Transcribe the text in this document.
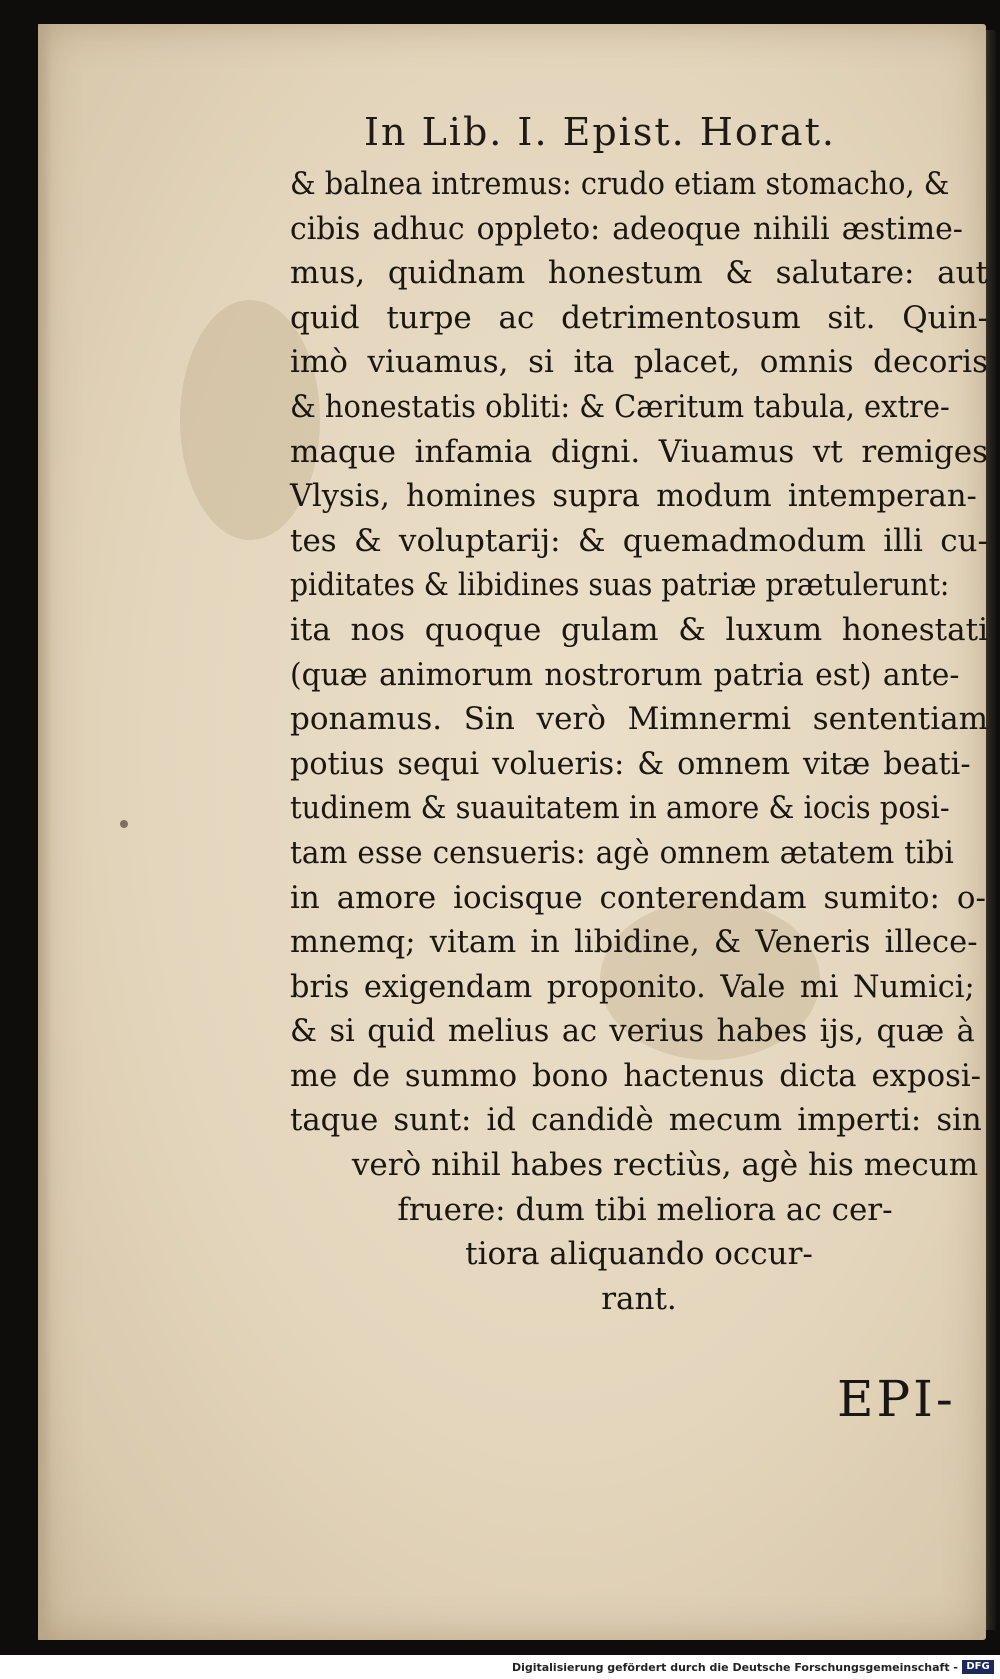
In Lib. I. Epist. Horat.
& balnea intremus: crudo etiam stomacho, &
cibis adhuc oppleto: adeoque nihili æstime-
mus, quidnam honestum & salutare: aut
quid turpe ac detrimentosum sit. Quin-
imò viuamus, si ita placet, omnis decoris
& honestatis obliti: & Cæritum tabula, extre-
maque infamia digni. Viuamus vt remiges
Vlysis, homines supra modum intemperan-
tes & voluptarij: & quemadmodum illi cu-
piditates & libidines suas patriæ prætulerunt:
ita nos quoque gulam & luxum honestati
(quæ animorum nostrorum patria est) ante-
ponamus. Sin verò Mimnermi sententiam
potius sequi volueris: & omnem vitæ beati-
tudinem & suauitatem in amore & iocis posi-
tam esse censueris: agè omnem ætatem tibi
in amore iocisque conterendam sumito: o-
mnemq; vitam in libidine, & Veneris illece-
bris exigendam proponito. Vale mi Numici;
& si quid melius ac verius habes ijs, quæ à
me de summo bono hactenus dicta exposi-
taque sunt: id candidè mecum imperti: sin
verò nihil habes rectiùs, agè his mecum
fruere: dum tibi meliora ac cer-
tiora aliquando occur-
rant.
EPI-
Digitalisierung gefördert durch die Deutsche Forschungsgemeinschaft - DFG
